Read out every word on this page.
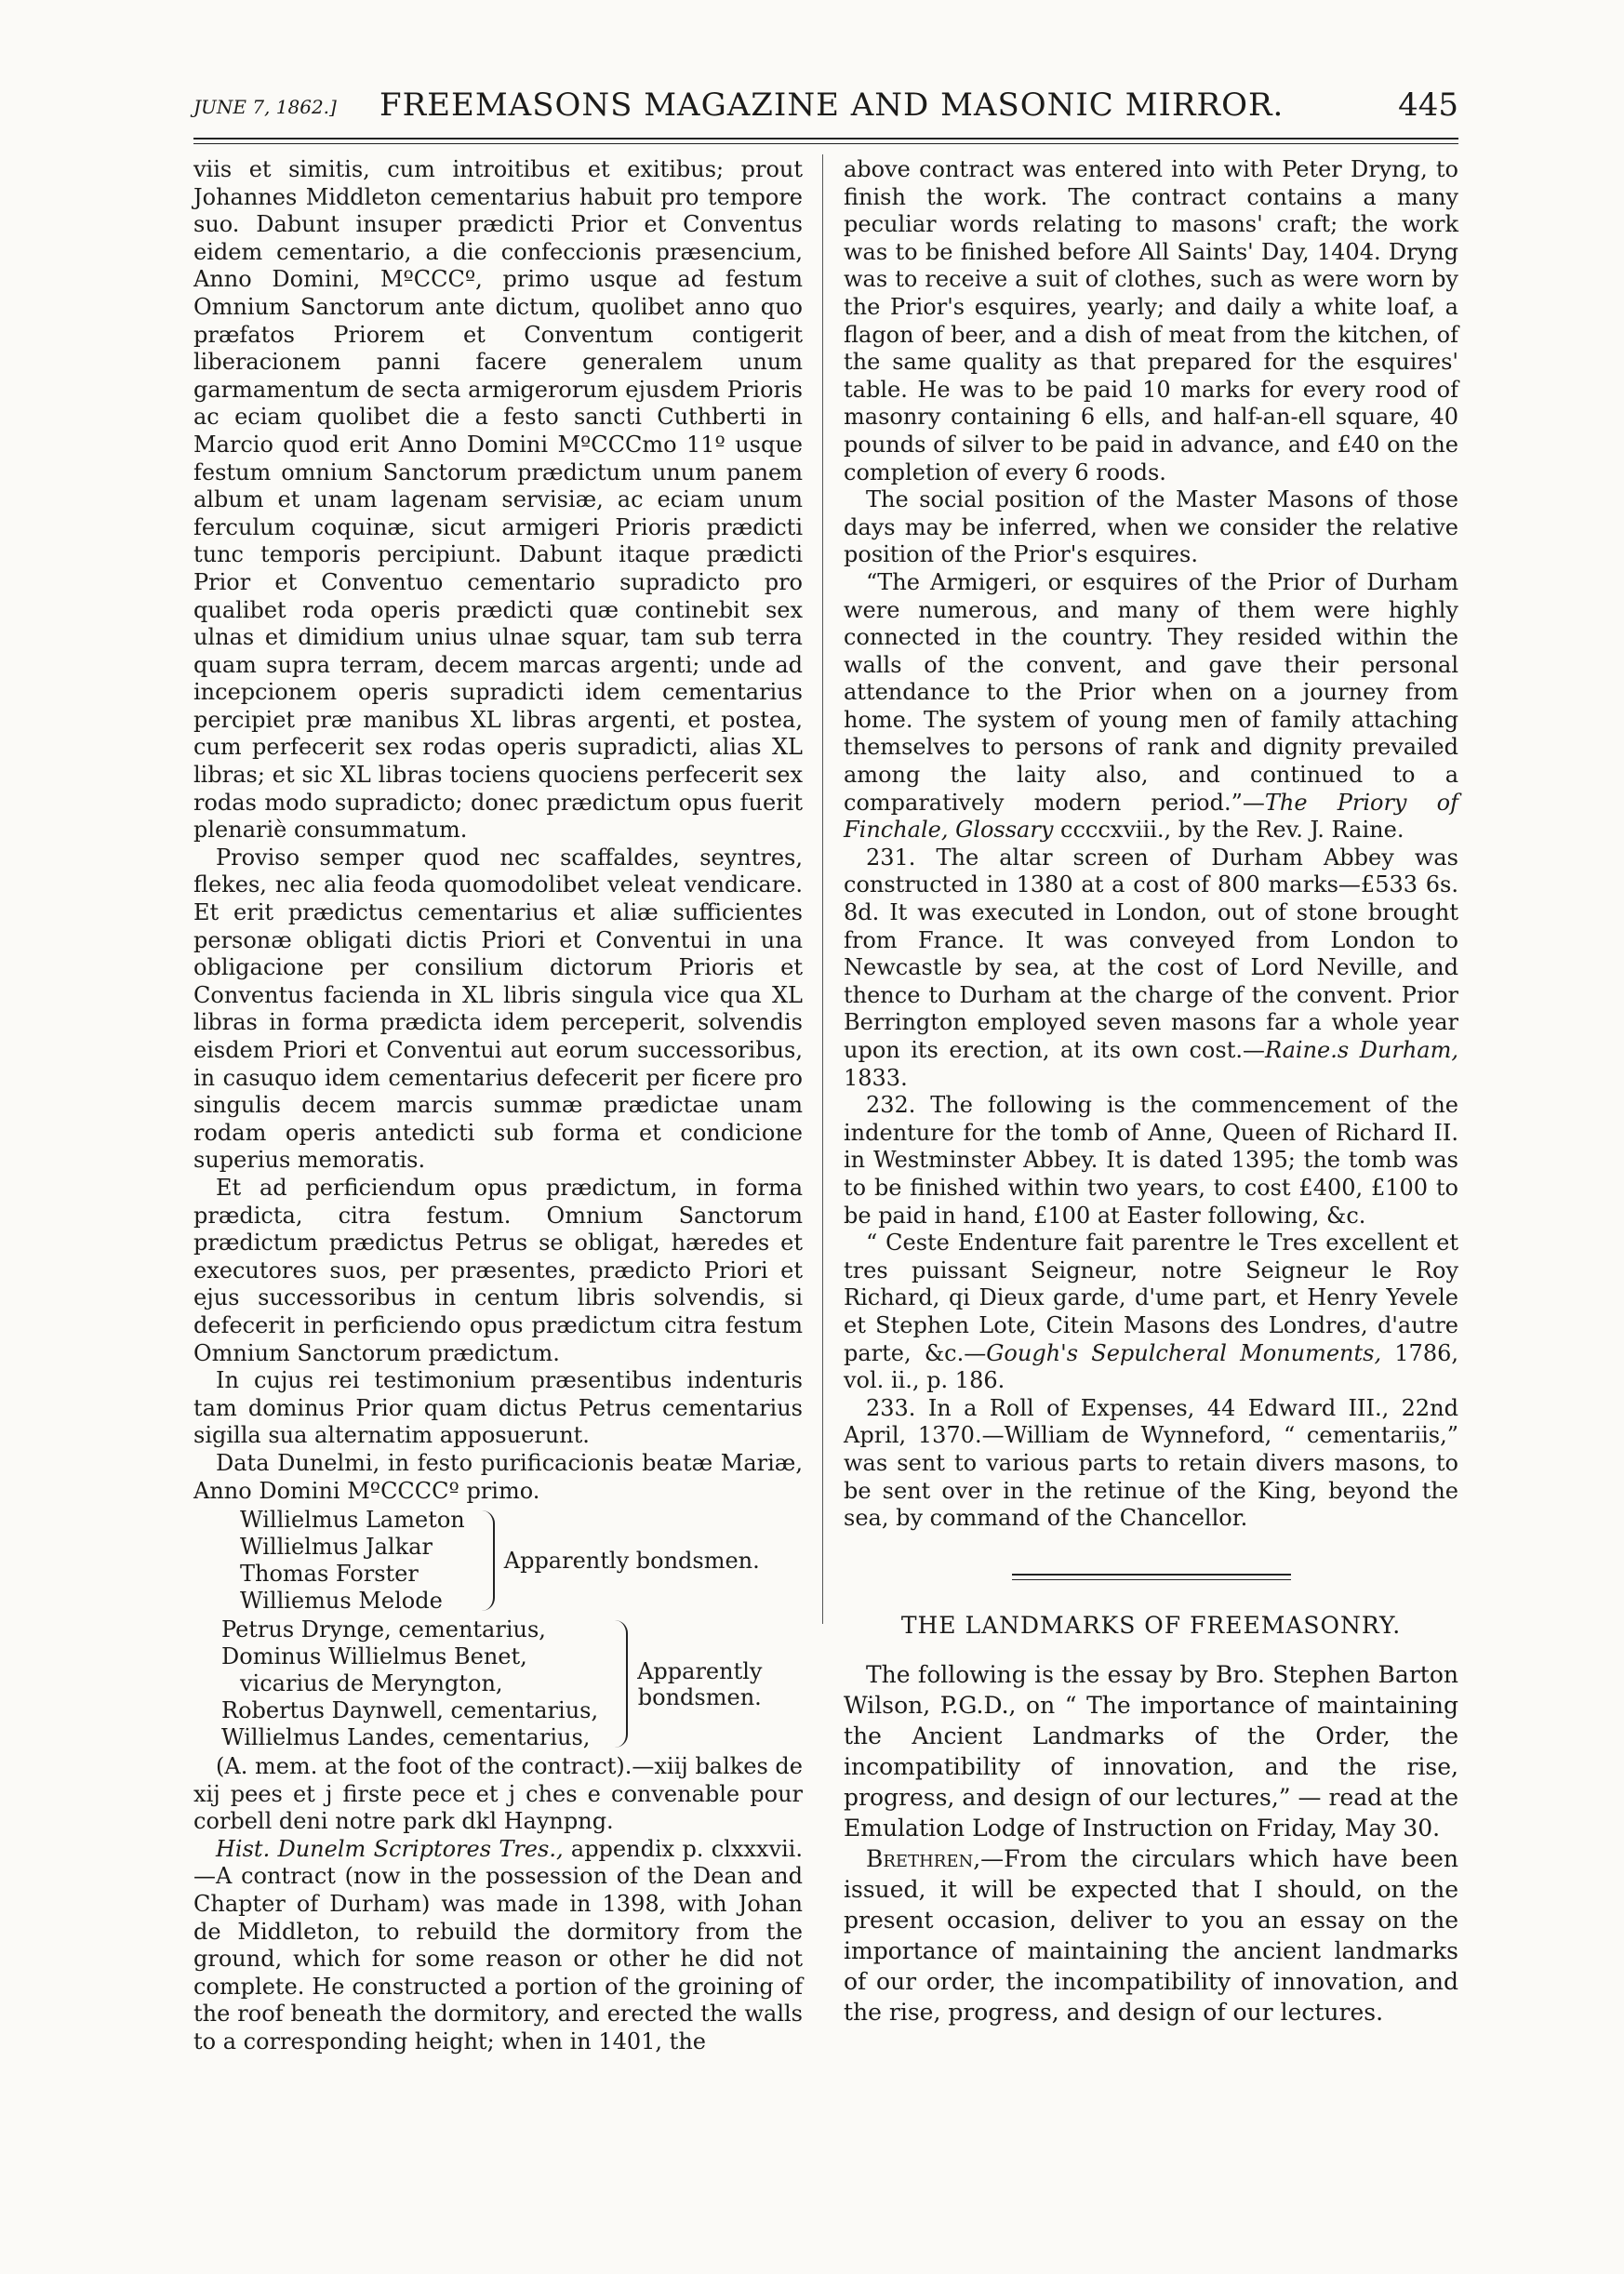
JUNE 7, 1862.] FREEMASONS MAGAZINE AND MASONIC MIRROR.	445

viis et simitis, cum introitibus et exitibus; prout Johannes Middleton cementarius habuit pro tempore suo. Dabunt insuper prædicti Prior et Conventus eidem cementario, a die confeccionis præsencium, Anno Domini, MºCCCº, primo usque ad festum Omnium Sanctorum ante dictum, quolibet anno quo præfatos Priorem et Conventum contigerit liberacionem panni facere generalem unum garmamentum de secta armigerorum ejusdem Prioris ac eciam quolibet die a festo sancti Cuthberti in Marcio quod erit Anno Domini MºCCCmo 11º usque festum omnium Sanctorum prædictum unum panem album et unam lagenam servisiæ, ac eciam unum ferculum coquinæ, sicut armigeri Prioris prædicti tunc temporis percipiunt. Dabunt itaque prædicti Prior et Conventuo cementario supradicto pro qualibet roda operis prædicti quæ continebit sex ulnas et dimidium unius ulnae squar, tam sub terra quam supra terram, decem marcas argenti; unde ad incepcionem operis supradicti idem cementarius percipiet præ manibus XL libras argenti, et postea, cum perfecerit sex rodas operis supradicti, alias XL libras; et sic XL libras tociens quociens perfecerit sex rodas modo supradicto; donec prædictum opus fuerit plenariè consummatum.

Proviso semper quod nec scaffaldes, seyntres, flekes, nec alia feoda quomodolibet veleat vendicare. Et erit prædictus cementarius et aliæ sufficientes personæ obligati dictis Priori et Conventui in una obligacione per consilium dictorum Prioris et Conventus facienda in XL libris singula vice qua XL libras in forma prædicta idem perceperit, solvendis eisdem Priori et Conventui aut eorum successoribus, in casuquo idem cementarius defecerit per ficere pro singulis decem marcis summæ prædictae unam rodam operis antedicti sub forma et condicione superius memoratis.

Et ad perficiendum opus prædictum, in forma prædicta, citra festum. Omnium Sanctorum prædictum prædictus Petrus se obligat, hæredes et executores suos, per præsentes, prædicto Priori et ejus successoribus in centum libris solvendis, si defecerit in perficiendo opus prædictum citra festum Omnium Sanctorum prædictum.

In cujus rei testimonium præsentibus indenturis tam dominus Prior quam dictus Petrus cementarius sigilla sua alternatim apposuerunt.

Data Dunelmi, in festo purificacionis beatæ Mariæ, Anno Domini MºCCCCº primo.

Willielmus Lameton
Willielmus Jalkar
Thomas Forster
Williemus Melode
Apparently bondsmen.
Petrus Drynge, cementarius,
Dominus Willielmus Benet,
vicarius de Meryngton,
Robertus Daynwell, cementarius,
Willielmus Landes, cementarius,
Apparently
bondsmen.

(A. mem. at the foot of the contract).—xiij balkes de xij pees et j firste pece et j ches e convenable pour corbell deni notre park dkl Haynpng.

Hist. Dunelm Scriptores Tres., appendix p. clxxxvii. —A contract (now in the possession of the Dean and Chapter of Durham) was made in 1398, with Johan de Middleton, to rebuild the dormitory from the ground, which for some reason or other he did not complete. He constructed a portion of the groining of the roof beneath the dormitory, and erected the walls to a corresponding height; when in 1401, the

above contract was entered into with Peter Dryng, to finish the work. The contract contains a many peculiar words relating to masons' craft; the work was to be finished before All Saints' Day, 1404. Dryng was to receive a suit of clothes, such as were worn by the Prior's esquires, yearly; and daily a white loaf, a flagon of beer, and a dish of meat from the kitchen, of the same quality as that prepared for the esquires' table. He was to be paid 10 marks for every rood of masonry containing 6 ells, and half-an-ell square, 40 pounds of silver to be paid in advance, and £40 on the completion of every 6 roods.

The social position of the Master Masons of those days may be inferred, when we consider the relative position of the Prior's esquires.

“The Armigeri, or esquires of the Prior of Durham were numerous, and many of them were highly connected in the country. They resided within the walls of the convent, and gave their personal attendance to the Prior when on a journey from home. The system of young men of family attaching themselves to persons of rank and dignity prevailed among the laity also, and continued to a comparatively modern period.”—The Priory of Finchale, Glossary ccccxviii., by the Rev. J. Raine.

231. The altar screen of Durham Abbey was constructed in 1380 at a cost of 800 marks—£533 6s. 8d. It was executed in London, out of stone brought from France. It was conveyed from London to Newcastle by sea, at the cost of Lord Neville, and thence to Durham at the charge of the convent. Prior Berrington employed seven masons far a whole year upon its erection, at its own cost.—Raine.s Durham, 1833.

232. The following is the commencement of the indenture for the tomb of Anne, Queen of Richard II. in Westminster Abbey. It is dated 1395; the tomb was to be finished within two years, to cost £400, £100 to be paid in hand, £100 at Easter following, &c.

“ Ceste Endenture fait parentre le Tres excellent et tres puissant Seigneur, notre Seigneur le Roy Richard, qi Dieux garde, d'ume part, et Henry Yevele et Stephen Lote, Citein Masons des Londres, d'autre parte, &c.—Gough's Sepulcheral Monuments, 1786, vol. ii., p. 186.

233. In a Roll of Expenses, 44 Edward III., 22nd April, 1370.—William de Wynneford, “ cementariis,” was sent to various parts to retain divers masons, to be sent over in the retinue of the King, beyond the sea, by command of the Chancellor.

THE LANDMARKS OF FREEMASONRY.

The following is the essay by Bro. Stephen Barton Wilson, P.G.D., on “ The importance of maintaining the Ancient Landmarks of the Order, the incompatibility of innovation, and the rise, progress, and design of our lectures,” — read at the Emulation Lodge of Instruction on Friday, May 30.

Brethren,—From the circulars which have been issued, it will be expected that I should, on the present occasion, deliver to you an essay on the importance of maintaining the ancient landmarks of our order, the incompatibility of innovation, and the rise, progress, and design of our lectures.
